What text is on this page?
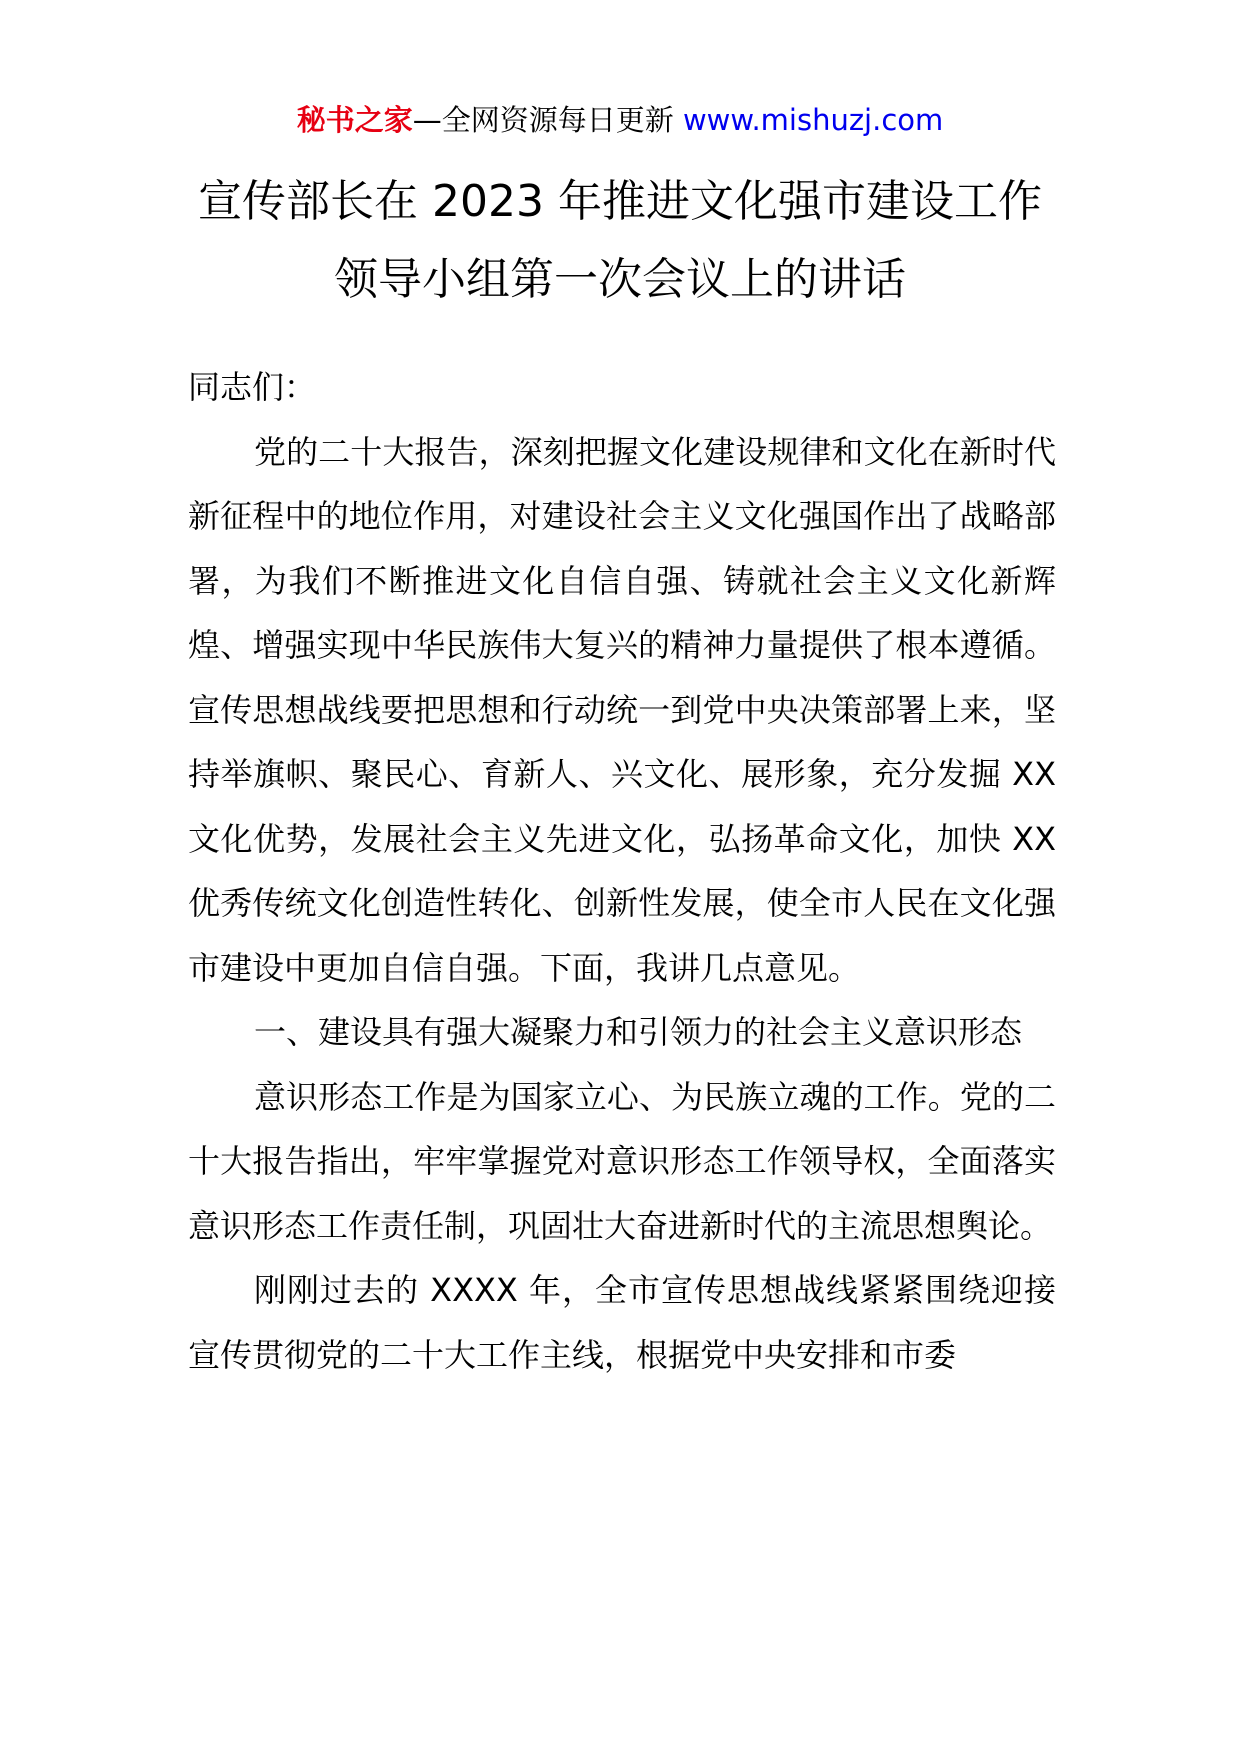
秘书之家—全网资源每日更新 www.mishuzj.com
宣传部长在 2023 年推进文化强市建设工作
领导小组第一次会议上的讲话

同志们：

党的二十大报告，深刻把握文化建设规律和文化在新时代新征程中的地位作用，对建设社会主义文化强国作出了战略部署，为我们不断推进文化自信自强、铸就社会主义文化新辉煌、增强实现中华民族伟大复兴的精神力量提供了根本遵循。宣传思想战线要把思想和行动统一到党中央决策部署上来，坚持举旗帜、聚民心、育新人、兴文化、展形象，充分发掘 XX 文化优势，发展社会主义先进文化，弘扬革命文化，加快 XX 优秀传统文化创造性转化、创新性发展，使全市人民在文化强市建设中更加自信自强。下面，我讲几点意见。

一、建设具有强大凝聚力和引领力的社会主义意识形态

意识形态工作是为国家立心、为民族立魂的工作。党的二十大报告指出，牢牢掌握党对意识形态工作领导权，全面落实意识形态工作责任制，巩固壮大奋进新时代的主流思想舆论。

刚刚过去的 XXXX 年，全市宣传思想战线紧紧围绕迎接宣传贯彻党的二十大工作主线，根据党中央安排和市委
